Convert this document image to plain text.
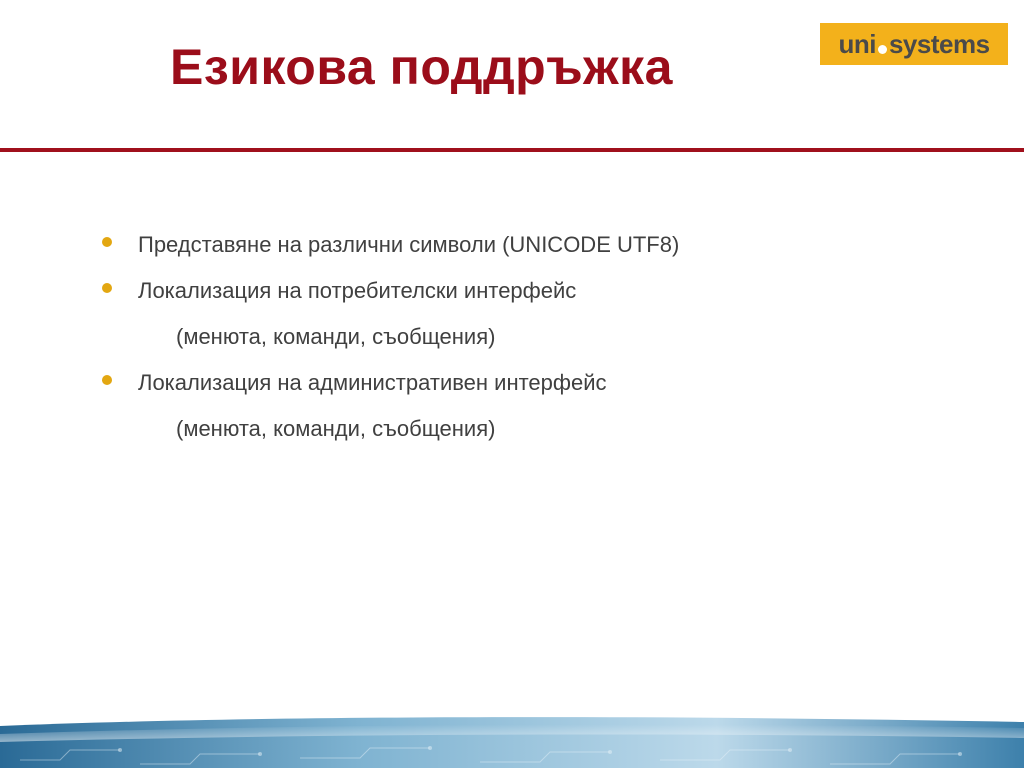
Езикова поддръжка	uni systems
Представяне на различни символи (UNICODE UTF8)
Локализация на потребителски интерфейс
(менюта, команди, съобщения)
Локализация на административен интерфейс
(менюта, команди, съобщения)
